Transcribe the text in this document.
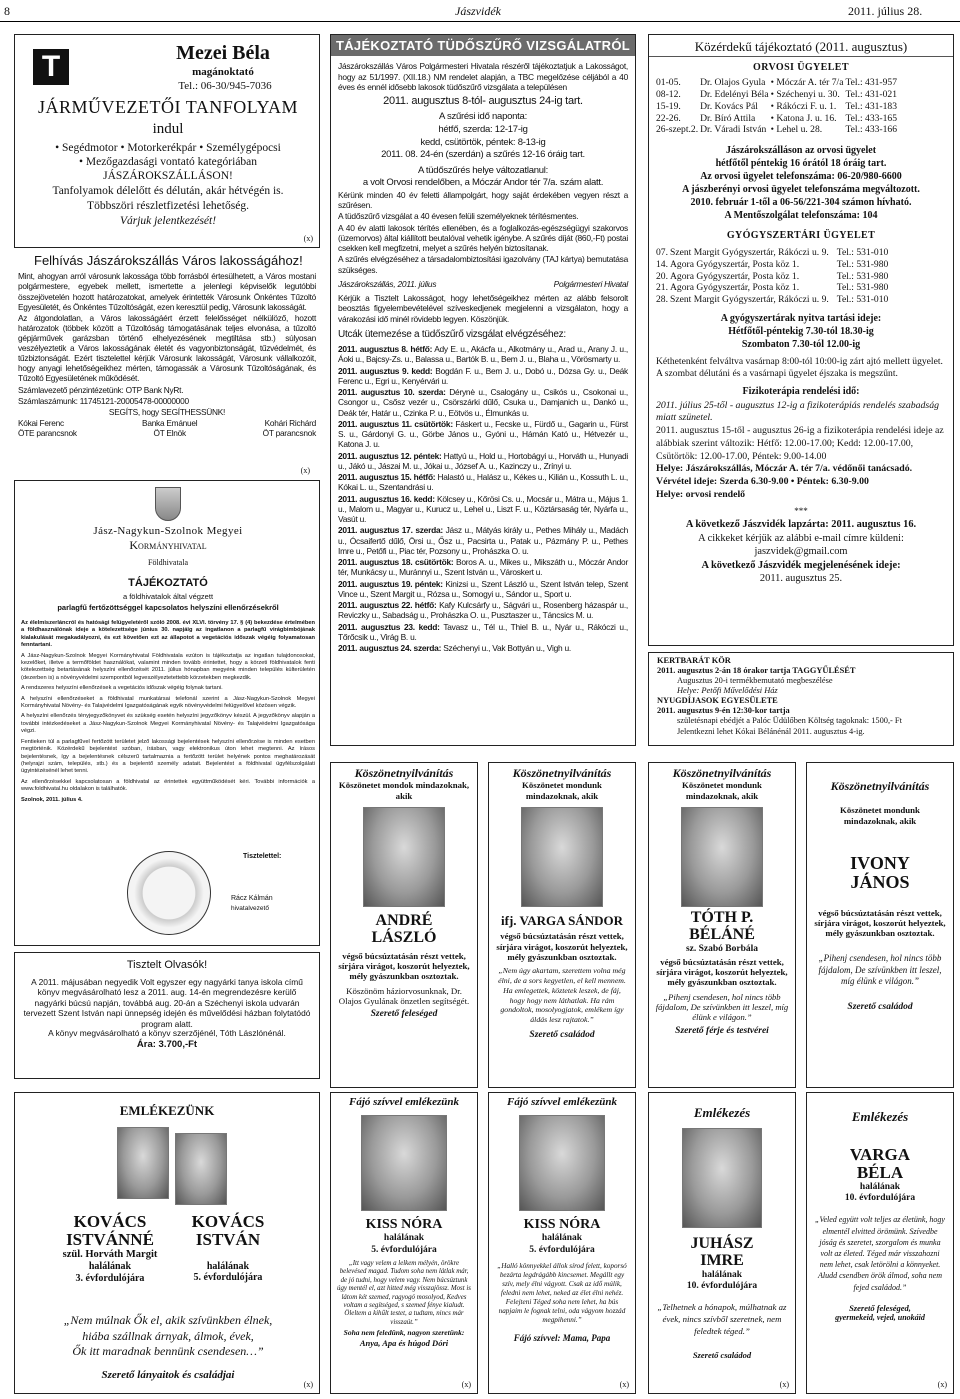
8	Jászvidék	2011. július 28.
T	Mezei Béla
magánoktató
Tel.: 06-30/945-7036
JÁRMŰVEZETŐI TANFOLYAM
indul
• Segédmotor • Motorkerékpár • Személygépocsi
• Mezőgazdasági vontató kategóriában
JÁSZÁROKSZÁLLÁSON!
Tanfolyamok délelőtt és délután, akár hétvégén is.
Többszöri részletfizetési lehetőség.
Várjuk jelentkezését!
(x)
Felhívás Jászárokszállás Város lakosságához!

Mint, ahogyan arról városunk lakossága több forrásból értesülhetett, a Város mostani polgármestere, egyebek mellett, ismertette a jelenlegi képviselők legutóbbi összejövetelén hozott határozatokat, amelyek érintették Városunk Önkéntes Tűzoltó Egyesületét, és Önkéntes Tűzoltóságát, ezen keresztül pedig, Városunk lakosságát.

Az átgondolatlan, a Város lakosságáért érzett felelősséget nélkülöző, hozott határozatok (többek között a Tűzoltóság támogatásának teljes elvonása, a tűzoltó gépjárművek garázsban történő elhelyezésének megtiltása stb.) súlyosan veszélyeztetik a Város lakosságának életét és vagyonbiztonságát, tűzvédelmét, és tűzbiztonságát. Ezért tisztelettel kérjük Városunk lakosságát, Városunk vállalkozóit, hogy anyagi lehetőségeikhez mérten, támogassák a Városunk Tűzoltóságának, és Tűzoltó Egyesületének működését.

Számlavezető pénzintézetünk: OTP Bank NyRt.

Számlaszámunk: 11745121-20005478-00000000

SEGÍTS, hogy SEGÍTHESSÜNK!

Kókai Ferenc
ÖTE parancsnok
Banka Emánuel
ÖT Elnök
Kohári Richárd
ÖT parancsnok
(x)
Jász-Nagykun-Szolnok Megyei
Kormányhivatal
Földhivatala
TÁJÉKOZTATÓ
a földhivatalok által végzett
parlagfű fertőzöttséggel kapcsolatos helyszíni ellenőrzésekről

Az élelmiszerláncról és hatósági felügyeletéről szóló 2008. évi XLVI. törvény 17. § (4) bekezdése értelmében a földhasználónak ideje a kötelezettsége június 30. napjáig az ingatlanon a parlagfű virágbimbójának kialakulását megakadályozni, és ezt követően ezt az állapotot a vegetációs időszak végéig folyamatosan fenntartani.

A Jász-Nagykun-Szolnok Megyei Kormányhivatal Földhivatala ezúton is tájékoztatja az ingatlan tulajdonosokat, kezelőket, illetve a termőföldet használókat, valamint minden tovább érintettet, hogy a körzeti földhivatalok fenti kötelezettség betartásának helyszíni ellenőrzését 2011. július hónapban megyénk minden település külterületén (dezerben is) a növényvédelmi szempontból legveszélyeztetettebb körzetekben megkezdik.

A rendszeres helyszíni ellenőrzések a vegetációs időszak végéig folynak tartani.

A helyszíni ellenőrzéseket a földhivatal munkatársai telefonál szerint a Jász-Nagykun-Szolnok Megyei Kormányhivatal Növény- és Talajvédelmi Igazgatóságának egyik növényvédelmi felügyelővel közösen végzik.

A helyszíni ellenőrzés tényjegyzőkönyvet és szükség esetén helyszíni jegyzőkönyv készül. A jegyzőkönyv alapján a további intézkedéseket a Jász-Nagykun-Szolnok Megyei Kormányhivatal Növény- és Talajvédelmi Igazgatósága végzi.

Fentieken túl a parlagfűvel fertőzött területet jelző lakossági bejelentések helyszíni ellenőrzése is minden esetben megtörténik. Közérdekű bejelentést szóban, írásban, vagy elektronikus úton lehet megtenni. Az írásos bejelentésnek, így a bejelentésnek célszerű tartalmaznia a fertőzött terület helyének pontos meghatározását (helyrajzi szám, település, stb.) és a bejelentő személy adatait. Bejelentést a földhivatal ügyfélszolgálati ügyintézésénél lehet tenni.

Az ellenőrzésekkel kapcsolatosan a földhivatal az érintettek együttműködését kéri. További információk a www.foldhivatal.hu oldalakon is találhatók.

Szolnok, 2011. július 4.

Tisztelettel:
Rácz Kálmán
hivatalvezető
Tisztelt Olvasók!
A 2011. májusában negyedik Volt egyszer egy nagyárki tanya iskola című könyv megvásárolható lesz a 2011. aug. 14-én megrendezésre kerülő nagyárki búcsú napján, továbbá aug. 20-án a Széchenyi iskola udvarán tervezett Szent István napi ünnepség idején és művelődési házban folytatódó program alatt.
A könyv megvásárolható a könyv szerzőjénél, Tóth Lászlónénál.
Ára: 3.700,-Ft
TÁJÉKOZTATÓ TÜDŐSZŰRŐ VIZSGÁLATRÓL

Jászárokszállás Város Polgármesteri Hivatala részéről tájékoztatjuk a Lakosságot, hogy az 51/1997. (XII.18.) NM rendelet alapján, a TBC megelőzése céljából a 40 éves és ennél idősebb lakosok tüdőszűrő vizsgálata a településen

2011. augusztus 8-tól- augusztus 24-ig tart.

A szűrési idő naponta:

hétfő, szerda: 12-17-ig

kedd, csütörtök, péntek: 8-13-ig

2011. 08. 24-én (szerdán) a szűrés 12-16 óráig tart.

A tüdőszűrés helye változatlanul:

a volt Orvosi rendelőben, a Móczár Andor tér 7/a. szám alatt.

Kérünk minden 40 év feletti állampolgárt, hogy saját érdekében vegyen részt a szűrésen.

A tüdőszűrő vizsgálat a 40 évesen felüli személyeknek térítésmentes.

A 40 év alatti lakosok térítés ellenében, és a foglalkozás-egészségügyi szakorvos (üzemorvos) által kiállított beutalóval vehetik igénybe. A szűrés díját (860,-Ft) postai csekken kell megfizetni, melyet a szűrés helyén biztosítanak.

A szűrés elvégzéséhez a társadalombiztosítási igazolvány (TAJ kártya) bemutatása szükséges.

Jászárokszállás, 2011. július	Polgármesteri Hivatal

Kérjük a Tisztelt Lakosságot, hogy lehetőségeikhez mérten az alább felsorolt beosztás figyelembevételével szíveskedjenek megjelenni a vizsgálaton, hogy a várakozási idő minél rövidebb legyen. Köszönjük.

Utcák ütemezése a tüdőszűrő vizsgálat elvégzéséhez:

2011. augusztus 8. hétfő: Ady E. u., Akácfa u., Alkotmány u., Arad u., Arany J. u., Áoki u., Bajcsy-Zs. u., Balassa u., Bartók B. u., Bem J. u., Blaha u., Vörösmarty u.

2011. augusztus 9. kedd: Bogdán F. u., Bem J. u., Dobó u., Dózsa Gy. u., Deák Ferenc u., Egri u., Kenyérvári u.

2011. augusztus 10. szerda: Dérynė u., Csalogány u., Csikós u., Csokonai u., Csongor u., Csősz vezér u., Csörszárki dűlő, Csuka u., Damjanich u., Dankó u., Deák tér, Határ u., Czinka P. u., Eötvös u., Élmunkás u.

2011. augusztus 11. csütörtök: Fáskert u., Fecske u., Fürdő u., Gagarin u., Fürst S. u., Gárdonyi G. u., Görbe János u., Gyóni u., Hámán Kató u., Hétvezér u., Katona J. u.

2011. augusztus 12. péntek: Hattyú u., Hold u., Hortobágyi u., Horváth u., Hunyadi u., Jákó u., Jászai M. u., Jókai u., József A. u., Kazinczy u., Zrínyi u.

2011. augusztus 15. hétfő: Halastó u., Halász u., Kékes u., Kilián u., Kossuth L. u., Kókai L. u., Szentandrási u.

2011. augusztus 16. kedd: Kölcsey u., Kőrösi Cs. u., Mocsár u., Mátra u., Május 1. u., Malom u., Magyar u., Kurucz u., Lehel u., Liszt F. u., Köztársaság tér, Nyárfa u., Vasút u.

2011. augusztus 17. szerda: Jász u., Mátyás király u., Pethes Mihály u., Madách u., Ócsaifertő dűlő, Örsi u., Ősz u., Pacsirta u., Patak u., Pázmány P. u., Pethes Imre u., Petőfi u., Piac tér, Pozsony u., Prohászka O. u.

2011. augusztus 18. csütörtök: Boros A. u., Mikes u., Mikszáth u., Móczár Andor tér, Munkácsy u., Muránnyi u., Szent István u., Városkert u.

2011. augusztus 19. péntek: Kinizsi u., Szent László u., Szent István telep, Szent Vince u., Szent Margit u., Rózsa u., Somogyi u., Sándor u., Sport u.

2011. augusztus 22. hétfő: Kafy Kulcsárfy u., Ságvári u., Rosenberg házaspár u., Reviczky u., Sabadság u., Prohászka O. u., Pusztaszer u., Táncsics M. u.

2011. augusztus 23. kedd: Tavasz u., Tél u., Thiel B. u., Nyár u., Rákóczi u., Tőrőcsik u., Virág B. u.

2011. augusztus 24. szerda: Széchenyi u., Vak Bottyán u., Vigh u.

Közérdekű tájékoztató (2011. augusztus)
ORVOSI ÜGYELET
01-05.	Dr. Olajos Gyula	• Móczár A. tér 7/a	Tel.: 431-957
08-12.	Dr. Edelényi Béla	• Széchenyi u. 30.	Tel.: 431-021
15-19.	Dr. Kovács Pál	• Rákóczi F. u. 1.	Tel.: 431-183
22-26.	Dr. Bíró Attila	• Katona J. u. 16.	Tel.: 433-165
26-szept.2.	Dr. Váradi István	• Lehel u. 28.	Tel.: 433-166
Jászárokszálláson az orvosi ügyelet
hétfőtől péntekig 16 órától 18 óráig tart.
Az orvosi ügyelet telefonszáma: 06-20/980-6600
A jászberényi orvosi ügyelet telefonszáma megváltozott.
2010. február 1-től a 06-56/221-304 számon hívható.
A Mentőszolgálat telefonszáma: 104
GYÓGYSZERTÁRI ÜGYELET
07.	Szent Margit Gyógyszertár, Rákóczi u. 9.	Tel.: 531-010
14.	Agora Gyógyszertár, Posta köz 1.	Tel.: 531-980
20.	Agora Gyógyszertár, Posta köz 1.	Tel.: 531-980
21.	Agora Gyógyszertár, Posta köz 1.	Tel.: 531-980
28.	Szent Margit Gyógyszertár, Rákóczi u. 9.	Tel.: 531-010
A gyógyszertárak nyitva tartási ideje:
Hétfőtől-péntekig 7.30-tól 18.30-ig
Szombaton 7.30-tól 12.00-ig
Kéthetenként felváltva vasárnap 8:00-tól 10:00-ig zárt ajtó mellett ügyelet. A szombat délutáni és a vasárnapi ügyelet éjszaka is megszűnt.
Fizikoterápia rendelési idő:
2011. július 25-től - augusztus 12-ig a fizikoterápiás rendelés szabadság miatt szünetel.
2011. augusztus 15-től - augusztus 26-ig a fizikoterápia rendelési ideje az alábbiak szerint változik: Hétfő: 12.00-17.00; Kedd: 12.00-17.00, Csütörtök: 12.00-17.00, Péntek: 9.00-14.00
Helye: Jászárokszállás, Móczár A. tér 7/a. védőnői tanácsadó.
Vérvétel ideje: Szerda 6.30-9.00 • Péntek: 6.30-9.00
Helye: orvosi rendelő
***
A következő Jászvidék lapzárta: 2011. augusztus 16.
A cikkeket kérjük az alábbi e-mail címre küldeni:
jaszvidek@gmail.com
A következő Jászvidék megjelenésének ideje:
2011. augusztus 25.
KERTBARÁT KÖR
2011. augusztus 2-án 18 órakor tartja TAGGYŰLÉSÉT
Augusztus 20-i termékbemutató megbeszélése
Helye: Petőfi Művelődési Ház
NYUGDÍJASOK EGYESÜLETE
2011. augusztus 9-én 12:30-kor tartja
születésnapi ebédjét a Palóc Üdülőben Költség tagoknak: 1500,- Ft
Jelentkezni lehet Kókai Bélánénál 2011. augusztus 4-ig.
Köszönetnyilvánítás
Köszönetet mondok mindazoknak, akik
ANDRÉ
LÁSZLÓ
végső búcsúztatásán részt vettek, sírjára virágot, koszorút helyeztek, mély gyászunkban osztoztak.
Köszönöm háziorvosunknak, Dr. Olajos Gyulának önzetlen segítségét.
Szerető feleséged
Köszönetnyilvánítás
Köszönetet mondunk mindazoknak, akik
ifj. VARGA SÁNDOR
végső búcsúztatásán részt vettek, sírjára virágot, koszorút helyeztek, mély gyászunkban osztoztak.
„Nem úgy akartam, szerettem volna még élni, de a sors kegyetlen, el kell mennem. Ha emlegettek, köztetek leszek, de fáj, hogy hogy nem láthatlak. Ha rám gondoltok, mosolyogjatok, emlékem így áldás lesz rajtatok.”
Szerető családod
Köszönetnyilvánítás
Köszönetet mondunk mindazoknak, akik
TÓTH P.
BÉLÁNÉ
sz. Szabó Borbála
végső búcsúztatásán részt vettek, sírjára virágot, koszorút helyeztek, mély gyászunkban osztoztak.
„Pihenj csendesen, hol nincs több fájdalom, De szívünkben itt leszel, míg élünk e világon.”
Szerető férje és testvérei
Köszönetnyilvánítás
Köszönetet mondunk mindazoknak, akik
IVONY
JÁNOS
végső búcsúztatásán részt vettek, sírjára virágot, koszorút helyeztek, mély gyászunkban osztoztak.
„Pihenj csendesen, hol nincs több fájdalom, De szívünkben itt leszel, míg élünk e világon.”
Szerető családod
EMLÉKEZÜNK
KOVÁCS
ISTVÁNNÉ
szül. Horváth Margit
halálának
3. évfordulójára
KOVÁCS
ISTVÁN
halálának
5. évfordulójára
„Nem múlnak Ők el, akik szívünkben élnek,
hiába szállnak árnyak, álmok, évek,
Ők itt maradnak bennünk csendesen…”
Szerető lányaitok és családjai
(x)
Fájó szívvel emlékezünk
KISS NÓRA
halálának
5. évfordulójára
„Itt vagy velem a lelkem mélyén, örökre belevésed magad. Tudom soha nem látlak már, de jó tudni, hogy velem vagy. Nem búcsúztunk úgy mentél el, azt hitted még visszajössz. Most is látom két szemed, ragyogó mosolyod, Kedves voltam a segítséged, s szemed fénye kialudt. Öleltem a kihűlt testet, a tudtam, nincs már visszaút.”
Soha nem feledünk, nagyon szeretünk:
Anya, Apa és húgod Dóri
(x)
Fájó szívvel emlékezünk
KISS NÓRA
halálának
5. évfordulójára
„Halló könnyekkel állok sírod felett, koporsó bezárta legdrágább kincsemet. Megállt egy szív, mely élni vágyott. Csak az idő múlik, feledni nem lehet, neked az élet élni nehéz. Felejteni Téged soha nem lehet, ha bús napjaim le fognak telni, oda vágyom hozzád megpihenni.”
Fájó szívvel: Mama, Papa
(x)
Emlékezés
JUHÁSZ
IMRE
halálának
10. évfordulójára
„Telhetnek a hónapok, múlhatnak az évek, nincs szívből szeretnek, nem feledtek téged.”
Szerető családod
(x)
Emlékezés
VARGA
BÉLA
halálának
10. évfordulójára
„Veled együtt volt teljes az életünk, hogy elmentél elvitted örömünk. Szívedbe jóság és szeretet, szorgalom és munka volt az életed. Téged már visszahozni nem lehet, csak letörölni a könnyeket. Aludd csendben örök álmod, soha nem fejed családod.”
Szerető feleséged,
gyermekeid, vejed, unokáid
(x)
